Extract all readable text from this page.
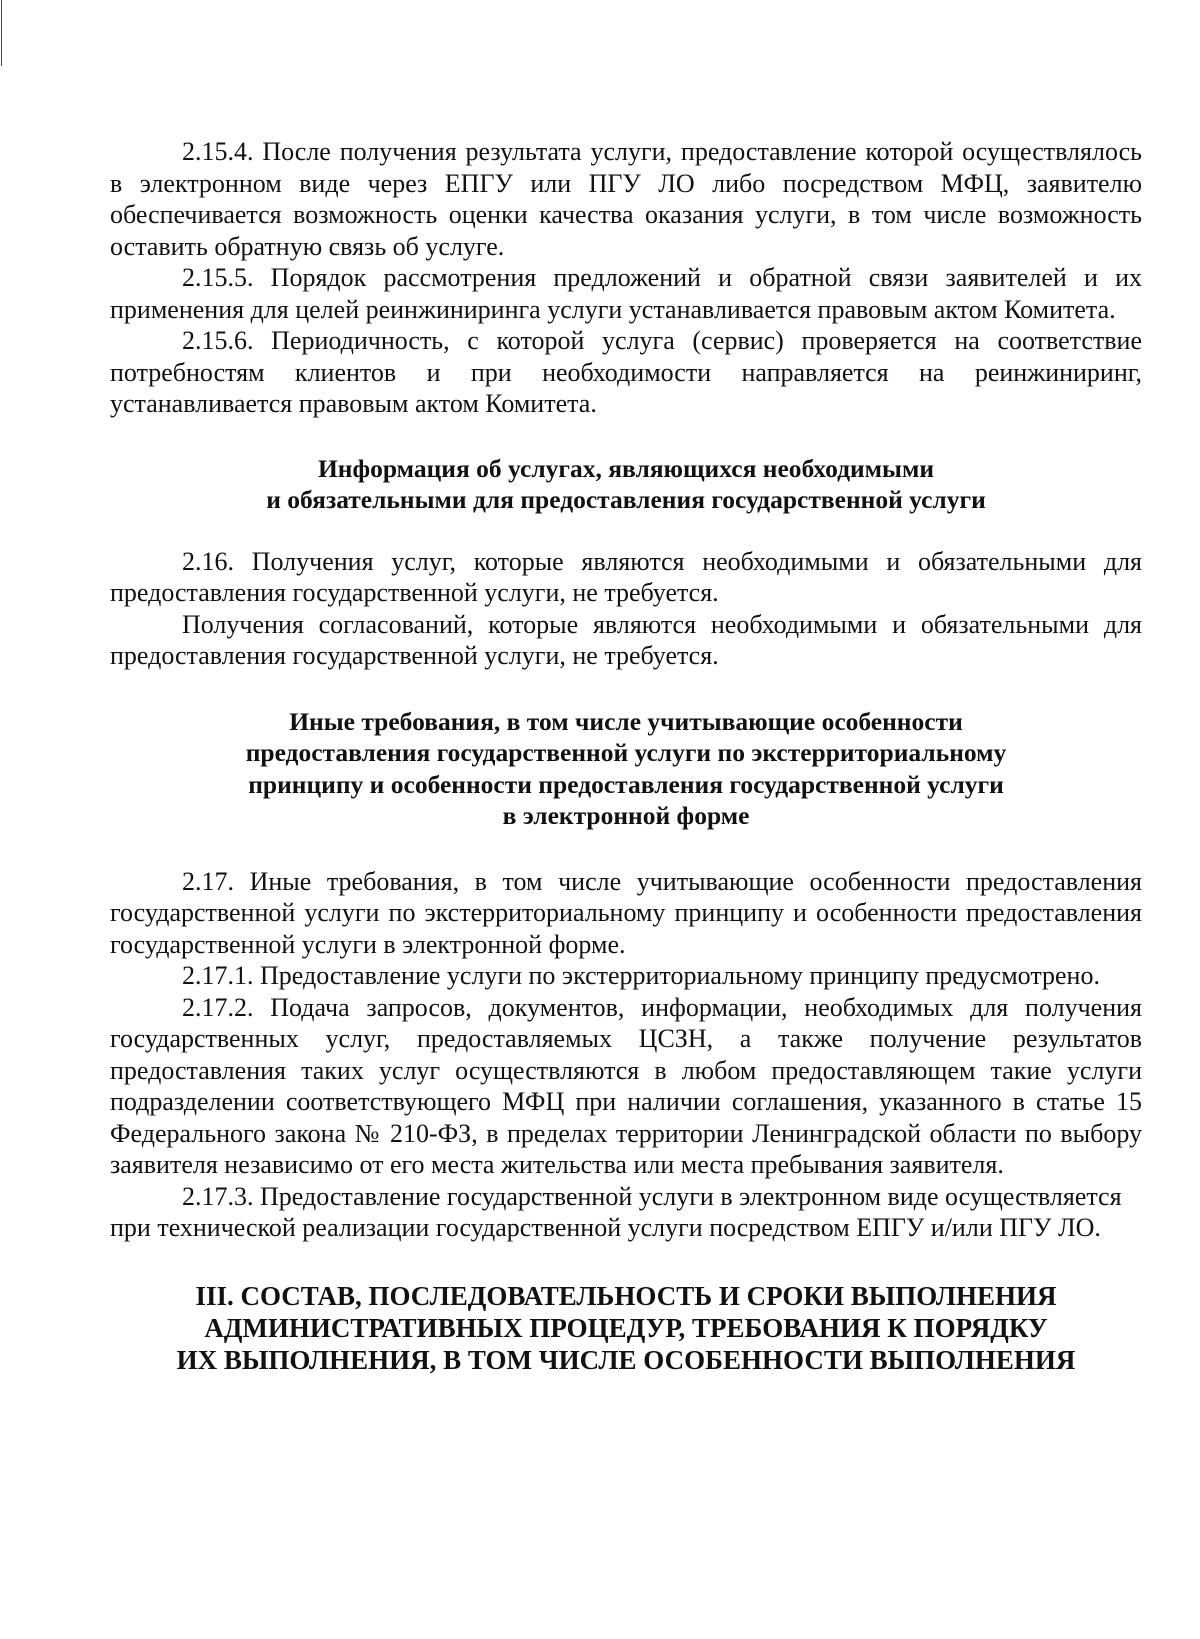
2.15.4. После получения результата услуги, предоставление которой осуществлялось в электронном виде через ЕПГУ или ПГУ ЛО либо посредством МФЦ, заявителю обеспечивается возможность оценки качества оказания услуги, в том числе возможность оставить обратную связь об услуге.

2.15.5. Порядок рассмотрения предложений и обратной связи заявителей и их применения для целей реинжиниринга услуги устанавливается правовым актом Комитета.

2.15.6. Периодичность, с которой услуга (сервис) проверяется на соответствие потребностям клиентов и при необходимости направляется на реинжиниринг, устанавливается правовым актом Комитета.

Информация об услугах, являющихся необходимыми
и обязательными для предоставления государственной услуги

2.16. Получения услуг, которые являются необходимыми и обязательными для предоставления государственной услуги, не требуется.

Получения согласований, которые являются необходимыми и обязательными для предоставления государственной услуги, не требуется.

Иные требования, в том числе учитывающие особенности
предоставления государственной услуги по экстерриториальному
принципу и особенности предоставления государственной услуги
в электронной форме

2.17. Иные требования, в том числе учитывающие особенности предоставления государственной услуги по экстерриториальному принципу и особенности предоставления государственной услуги в электронной форме.

2.17.1. Предоставление услуги по экстерриториальному принципу предусмотрено.

2.17.2. Подача запросов, документов, информации, необходимых для получения государственных услуг, предоставляемых ЦСЗН, а также получение результатов предоставления таких услуг осуществляются в любом предоставляющем такие услуги подразделении соответствующего МФЦ при наличии соглашения, указанного в статье 15 Федерального закона № 210-ФЗ, в пределах территории Ленинградской области по выбору заявителя независимо от его места жительства или места пребывания заявителя.

2.17.3. Предоставление государственной услуги в электронном виде осуществляется при технической реализации государственной услуги посредством ЕПГУ и/или ПГУ ЛО.

III. СОСТАВ, ПОСЛЕДОВАТЕЛЬНОСТЬ И СРОКИ ВЫПОЛНЕНИЯ
АДМИНИСТРАТИВНЫХ ПРОЦЕДУР, ТРЕБОВАНИЯ К ПОРЯДКУ
ИХ ВЫПОЛНЕНИЯ, В ТОМ ЧИСЛЕ ОСОБЕННОСТИ ВЫПОЛНЕНИЯ
